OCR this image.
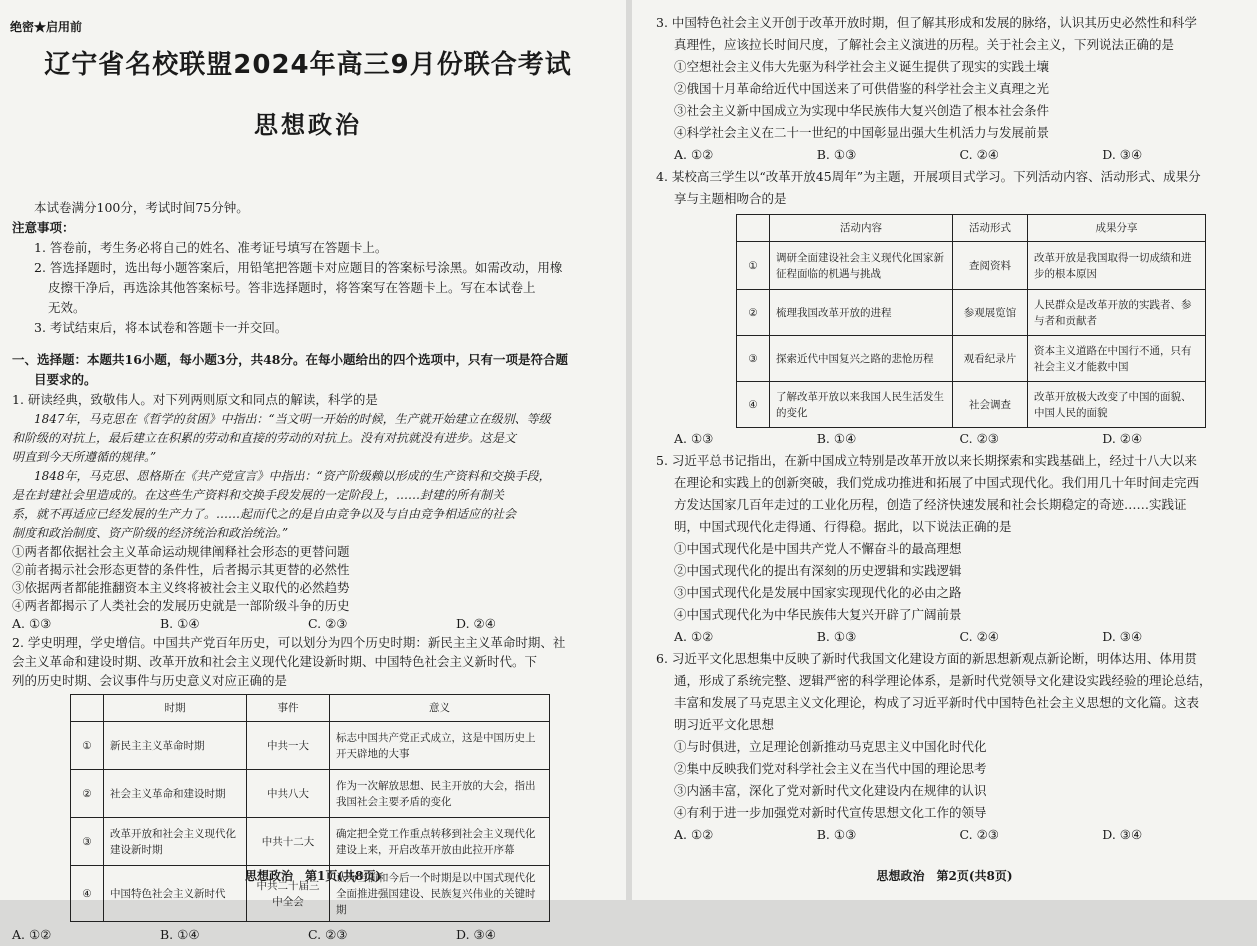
绝密★启用前
辽宁省名校联盟2024年高三9月份联合考试
思想政治

本试卷满分100分，考试时间75分钟。

注意事项：

1. 答卷前，考生务必将自己的姓名、准考证号填写在答题卡上。

2. 答选择题时，选出每小题答案后，用铅笔把答题卡对应题目的答案标号涂黑。如需改动，用橡

皮擦干净后，再选涂其他答案标号。答非选择题时，将答案写在答题卡上。写在本试卷上

无效。

3. 考试结束后，将本试卷和答题卡一并交回。

一、选择题：本题共16小题，每小题3分，共48分。在每小题给出的四个选项中，只有一项是符合题

目要求的。

1. 研读经典，致敬伟人。对下列两则原文和同点的解读，科学的是

1847年，马克思在《哲学的贫困》中指出：“当文明一开始的时候，生产就开始建立在级别、等级

和阶级的对抗上，最后建立在积累的劳动和直接的劳动的对抗上。没有对抗就没有进步。这是文

明直到今天所遵循的规律。”

1848年，马克思、恩格斯在《共产党宣言》中指出：“资产阶级赖以形成的生产资料和交换手段，

是在封建社会里造成的。在这些生产资料和交换手段发展的一定阶段上，……封建的所有制关

系，就不再适应已经发展的生产力了。……起而代之的是自由竞争以及与自由竞争相适应的社会

制度和政治制度、资产阶级的经济统治和政治统治。”

①两者都依据社会主义革命运动规律阐释社会形态的更替问题

②前者揭示社会形态更替的条件性，后者揭示其更替的必然性

③依据两者都能推翻资本主义终将被社会主义取代的必然趋势

④两者都揭示了人类社会的发展历史就是一部阶级斗争的历史

A. ①③	B. ①④	C. ②③	D. ②④

2. 学史明理，学史增信。中国共产党百年历史，可以划分为四个历史时期：新民主主义革命时期、社

会主义革命和建设时期、改革开放和社会主义现代化建设新时期、中国特色社会主义新时代。下

列的历史时期、会议事件与历史意义对应正确的是

	时期	事件	意义
①	新民主主义革命时期	中共一大	标志中国共产党正式成立，这是中国历史上开天辟地的大事
②	社会主义革命和建设时期	中共八大	作为一次解放思想、民主开放的大会，指出我国社会主要矛盾的变化
③	改革开放和社会主义现代化建设新时期	中共十二大	确定把全党工作重点转移到社会主义现代化建设上来，开启改革开放由此拉开序幕
④	中国特色社会主义新时代	中共二十届三中全会	认为当前和今后一个时期是以中国式现代化全面推进强国建设、民族复兴伟业的关键时期
A. ①②	B. ①④	C. ②③	D. ③④
思想政治　第1页(共8页)

3. 中国特色社会主义开创于改革开放时期，但了解其形成和发展的脉络，认识其历史必然性和科学

真理性，应该拉长时间尺度，了解社会主义演进的历程。关于社会主义，下列说法正确的是

①空想社会主义伟大先驱为科学社会主义诞生提供了现实的实践土壤

②俄国十月革命给近代中国送来了可供借鉴的科学社会主义真理之光

③社会主义新中国成立为实现中华民族伟大复兴创造了根本社会条件

④科学社会主义在二十一世纪的中国彰显出强大生机活力与发展前景

A. ①②	B. ①③	C. ②④	D. ③④

4. 某校高三学生以“改革开放45周年”为主题，开展项目式学习。下列活动内容、活动形式、成果分

享与主题相吻合的是

	活动内容	活动形式	成果分享
①	调研全面建设社会主义现代化国家新征程面临的机遇与挑战	查阅资料	改革开放是我国取得一切成绩和进步的根本原因
②	梳理我国改革开放的进程	参观展览馆	人民群众是改革开放的实践者、参与者和贡献者
③	探索近代中国复兴之路的悲怆历程	观看纪录片	资本主义道路在中国行不通，只有社会主义才能救中国
④	了解改革开放以来我国人民生活发生的变化	社会调查	改革开放极大改变了中国的面貌、中国人民的面貌
A. ①③	B. ①④	C. ②③	D. ②④

5. 习近平总书记指出，在新中国成立特别是改革开放以来长期探索和实践基础上，经过十八大以来

在理论和实践上的创新突破，我们党成功推进和拓展了中国式现代化。我们用几十年时间走完西

方发达国家几百年走过的工业化历程，创造了经济快速发展和社会长期稳定的奇迹……实践证

明，中国式现代化走得通、行得稳。据此，以下说法正确的是

①中国式现代化是中国共产党人不懈奋斗的最高理想

②中国式现代化的提出有深刻的历史逻辑和实践逻辑

③中国式现代化是发展中国家实现现代化的必由之路

④中国式现代化为中华民族伟大复兴开辟了广阔前景

A. ①②	B. ①③	C. ②④	D. ③④

6. 习近平文化思想集中反映了新时代我国文化建设方面的新思想新观点新论断，明体达用、体用贯

通，形成了系统完整、逻辑严密的科学理论体系，是新时代党领导文化建设实践经验的理论总结，

丰富和发展了马克思主义文化理论，构成了习近平新时代中国特色社会主义思想的文化篇。这表

明习近平文化思想

①与时俱进，立足理论创新推动马克思主义中国化时代化

②集中反映我们党对科学社会主义在当代中国的理论思考

③内涵丰富，深化了党对新时代文化建设内在规律的认识

④有利于进一步加强党对新时代宣传思想文化工作的领导

A. ①②	B. ①③	C. ②③	D. ③④
思想政治　第2页(共8页)
